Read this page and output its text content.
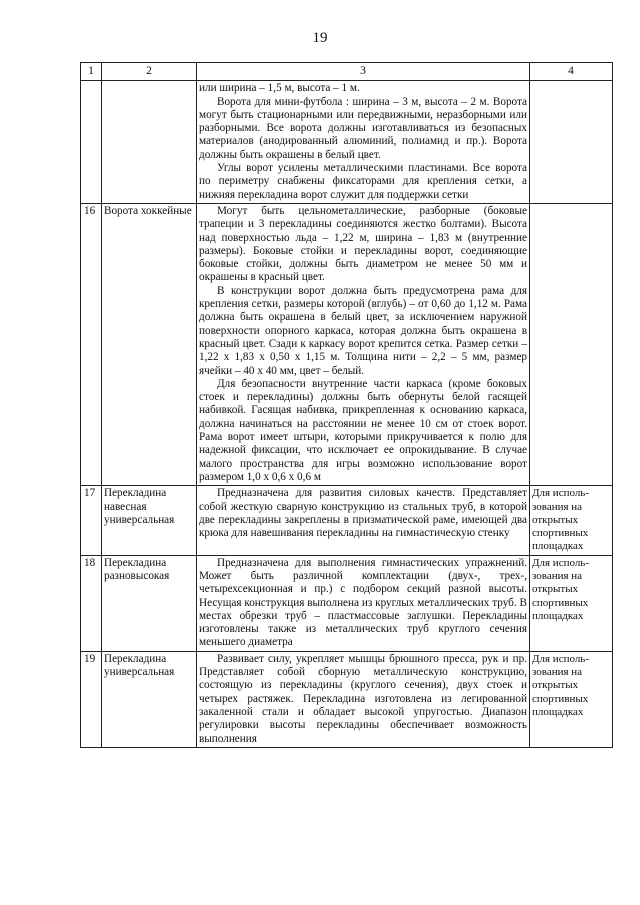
19
1	2	3	4

		или ширина – 1,5 м, высота – 1 м.

Ворота для мини-футбола : ширина – 3 м, высота – 2 м. Ворота могут быть стационарными или передвижными, неразборными или разборными. Все ворота должны изготавливаться из безопасных материалов (анодированный алюминий, полиамид и пр.). Ворота должны быть окрашены в белый цвет.

Углы ворот усилены металлическими пластинами. Все ворота по периметру снабжены фиксаторами для крепления сетки, а нижняя перекладина ворот служит для поддержки сетки	

16	Ворота хоккейные	Могут быть цельнометаллические, разборные (боковые трапеции и 3 перекладины соединяются жестко болтами). Высота над поверхностью льда – 1,22 м, ширина – 1,83 м (внутренние размеры). Боковые стойки и перекладины ворот, соединяющие боковые стойки, должны быть диаметром не менее 50 мм и окрашены в красный цвет.

В конструкции ворот должна быть предусмотрена рама для крепления сетки, размеры которой (вглубь) – от 0,60 до 1,12 м. Рама должна быть окрашена в белый цвет, за исключением наружной поверхности опорного каркаса, которая должна быть окрашена в красный цвет. Сзади к каркасу ворот крепится сетка. Размер сетки – 1,22 х 1,83 х 0,50 х 1,15 м. Толщина нити – 2,2 – 5 мм, размер ячейки – 40 х 40 мм, цвет – белый.

Для безопасности внутренние части каркаса (кроме боковых стоек и перекладины) должны быть обернуты белой гасящей набивкой. Гасящая набивка, прикрепленная к основанию каркаса, должна начинаться на расстоянии не менее 10 см от стоек ворот. Рама ворот имеет штыри, которыми прикручивается к полю для надежной фиксации, что исключает ее опрокидывание. В случае малого пространства для игры возможно использование ворот размером 1,0 х 0,6 х 0,6 м	

17	Перекладина навесная универсальная	Предназначена для развития силовых качеств. Представляет собой жесткую сварную конструкцию из стальных труб, в которой две перекладины закреплены в призматической раме, имеющей два крюка для навешивания перекладины на гимнастическую стенку	Для исполь-зования на открытых спортивных площадках
18	Перекладина разновысокая	Предназначена для выполнения гимнастических упражнений. Может быть различной комплектации (двух-, трех-, четырехсекционная и пр.) с подбором секций разной высоты. Несущая конструкция выполнена из круглых металлических труб. В местах обрезки труб – пластмассовые заглушки. Перекладины изготовлены также из металлических труб круглого сечения меньшего диаметра	Для исполь-зования на открытых спортивных площадках
19	Перекладина универсальная	Развивает силу, укрепляет мышцы брюшного пресса, рук и пр. Представляет собой сборную металлическую конструкцию, состоящую из перекладины (круглого сечения), двух стоек и четырех растяжек. Перекладина изготовлена из легированной закаленной стали и обладает высокой упругостью. Диапазон регулировки высоты перекладины обеспечивает возможность выполнения	Для исполь-зования на открытых спортивных площадках
